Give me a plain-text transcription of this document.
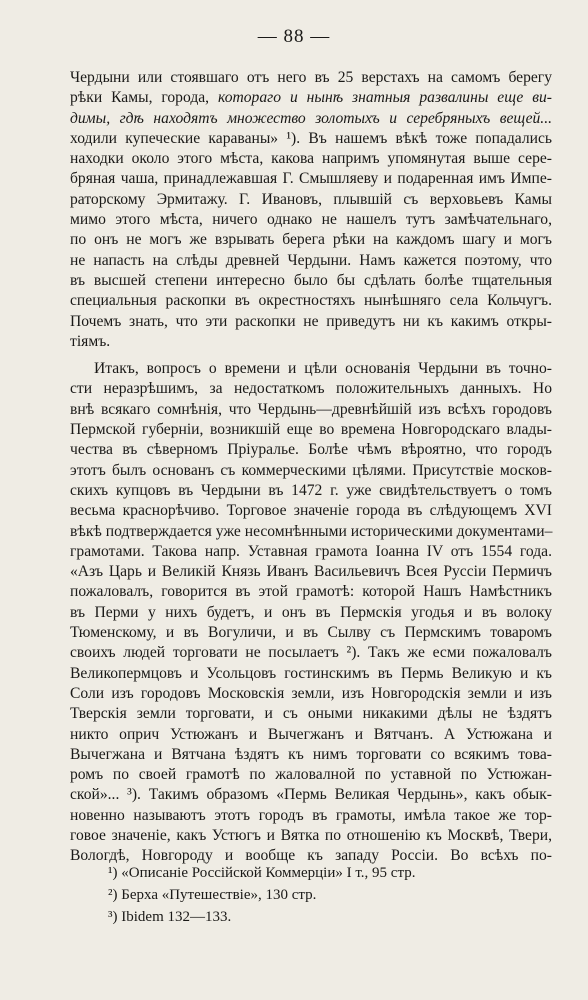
— 88 —
Чердыни или стоявшаго отъ него въ 25 верстахъ на самомъ берегу
рѣки Камы, города, котораго и нынѣ знатныя развалины еще ви-
димы, гдѣ находятъ множество золотыхъ и серебряныхъ вещей...
ходили купеческие караваны» ¹). Въ нашемъ вѣкѣ тоже попадались
находки около этого мѣста, какова напримъ упомянутая выше сере-
бряная чаша, принадлежавшая Г. Смышляеву и подаренная имъ Импе-
раторскому Эрмитажу. Г. Ивановъ, плывшій съ верховьевъ Камы
мимо этого мѣста, ничего однако не нашелъ тутъ замѣчательнаго,
по онъ не могъ же взрывать берега рѣки на каждомъ шагу и могъ
не напасть на слѣды древней Чердыни. Намъ кажется поэтому, что
въ высшей степени интересно было бы сдѣлать болѣе тщательныя
специальныя раскопки въ окрестностяхъ нынѣшняго села Кольчугъ.
Почемъ знать, что эти раскопки не приведутъ ни къ какимъ откры-
тіямъ.
Итакъ, вопросъ о времени и цѣли основанія Чердыни въ точно-
сти неразрѣшимъ, за недостаткомъ положительныхъ данныхъ. Но
внѣ всякаго сомнѣнія, что Чердынь—древнѣйшій изъ всѣхъ городовъ
Пермской губерніи, возникшій еще во времена Новгородскаго влады-
чества въ сѣверномъ Пріуралье. Болѣе чѣмъ вѣроятно, что городъ
этотъ былъ основанъ съ коммерческими цѣлями. Присутствіе москов-
скихъ купцовъ въ Чердыни въ 1472 г. уже свидѣтельствуетъ о томъ
весьма краснорѣчиво. Торговое значеніе города въ слѣдующемъ XVI
вѣкѣ подтверждается уже несомнѣнными историческими документами–
грамотами. Такова напр. Уставная грамота Іоанна IV отъ 1554 года.
«Азъ Царь и Великій Князь Иванъ Васильевичъ Всея Руссіи Пермичъ
пожаловалъ, говорится въ этой грамотѣ: которой Нашъ Намѣстникъ
въ Перми у нихъ будетъ, и онъ въ Пермскія угодья и въ волоку
Тюменскому, и въ Вогуличи, и въ Сылву съ Пермскимъ товаромъ
своихъ людей торговати не посылаетъ ²). Такъ же есми пожаловалъ
Великопермцовъ и Усольцовъ гостинскимъ въ Пермь Великую и къ
Соли изъ городовъ Московскія земли, изъ Новгородскія земли и изъ
Тверскія земли торговати, и съ оными никакими дѣлы не ѣздятъ
никто оприч Устюжанъ и Вычегжанъ и Вятчанъ. А Устюжана и
Вычегжана и Вятчана ѣздятъ къ нимъ торговати со всякимъ това-
ромъ по своей грамотѣ по жаловалной по уставной по Устюжан-
ской»... ³). Такимъ образомъ «Пермь Великая Чердынь», какъ обык-
новенно называютъ этотъ городъ въ грамоты, имѣла такое же тор-
говое значеніе, какъ Устюгъ и Вятка по отношенію къ Москвѣ, Твери,
Вологдѣ, Новгороду и вообще къ западу Россіи. Во всѣхъ по-
¹) «Описаніе Россійской Коммерціи» I т., 95 стр.
²) Берха «Путешествіе», 130 стр.
³) Ibidem 132—133.
